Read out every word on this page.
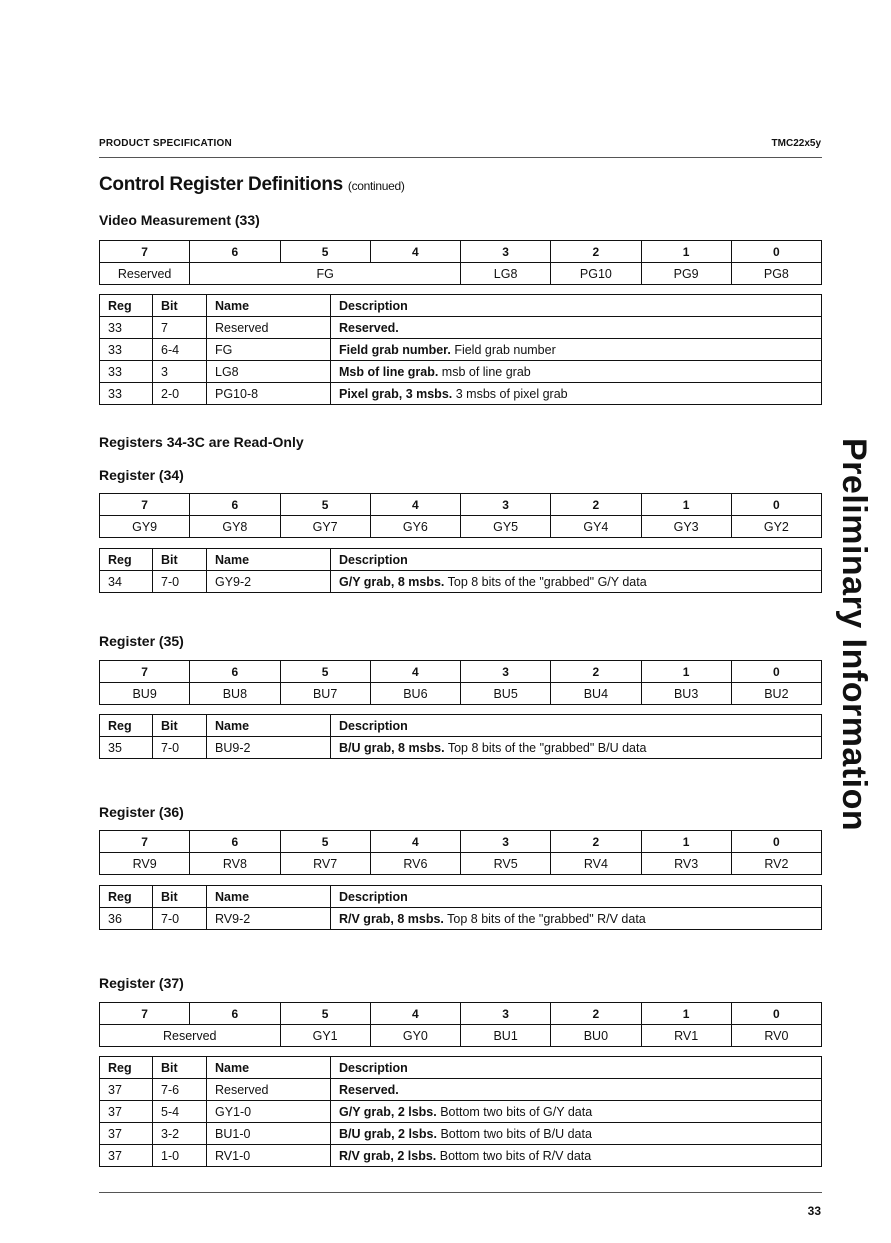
PRODUCT SPECIFICATION	TMC22x5y
Control Register Definitions (continued)
Video Measurement (33)
7	6	5	4	3	2	1	0
Reserved	FG			LG8	PG10	PG9	PG8
Reg	Bit	Name	Description
33	7	Reserved	Reserved.
33	6-4	FG	Field grab number. Field grab number
33	3	LG8	Msb of line grab. msb of line grab
33	2-0	PG10-8	Pixel grab, 3 msbs. 3 msbs of pixel grab
Registers 34-3C are Read-Only
Register (34)
7	6	5	4	3	2	1	0
GY9	GY8	GY7	GY6	GY5	GY4	GY3	GY2
Reg	Bit	Name	Description
34	7-0	GY9-2	G/Y grab, 8 msbs. Top 8 bits of the "grabbed" G/Y data
Register (35)
7	6	5	4	3	2	1	0
BU9	BU8	BU7	BU6	BU5	BU4	BU3	BU2
Reg	Bit	Name	Description
35	7-0	BU9-2	B/U grab, 8 msbs. Top 8 bits of the "grabbed" B/U data
Register (36)
7	6	5	4	3	2	1	0
RV9	RV8	RV7	RV6	RV5	RV4	RV3	RV2
Reg	Bit	Name	Description
36	7-0	RV9-2	R/V grab, 8 msbs. Top 8 bits of the "grabbed" R/V data
Register (37)
7	6	5	4	3	2	1	0
Reserved		GY1	GY0	BU1	BU0	RV1	RV0
Reg	Bit	Name	Description
37	7-6	Reserved	Reserved.
37	5-4	GY1-0	G/Y grab, 2 lsbs. Bottom two bits of G/Y data
37	3-2	BU1-0	B/U grab, 2 lsbs. Bottom two bits of B/U data
37	1-0	RV1-0	R/V grab, 2 lsbs. Bottom two bits of R/V data
Preliminary Information
33
